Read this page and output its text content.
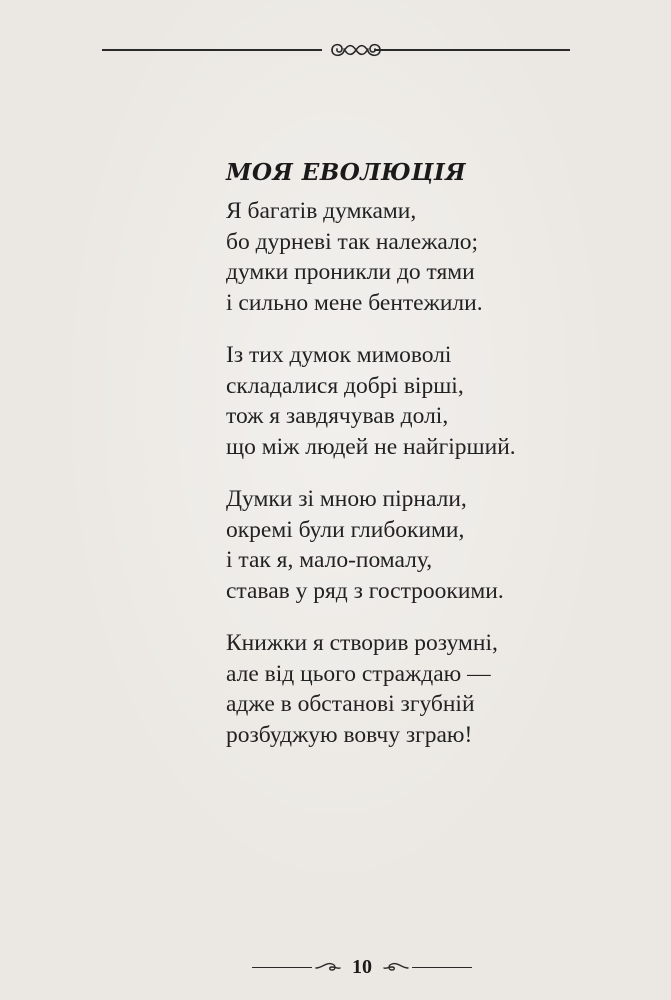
МОЯ ЕВОЛЮЦІЯ
Я багатів думками,
бо дурневі так належало;
думки проникли до тями
і сильно мене бентежили.
Із тих думок мимоволі
складалися добрі вірші,
тож я завдячував долі,
що між людей не найгірший.
Думки зі мною пірнали,
окремі були глибокими,
і так я, мало-помалу,
ставав у ряд з гостроокими.
Книжки я створив розумні,
але від цього страждаю —
адже в обстанові згубній
розбуджую вовчу зграю!
10
